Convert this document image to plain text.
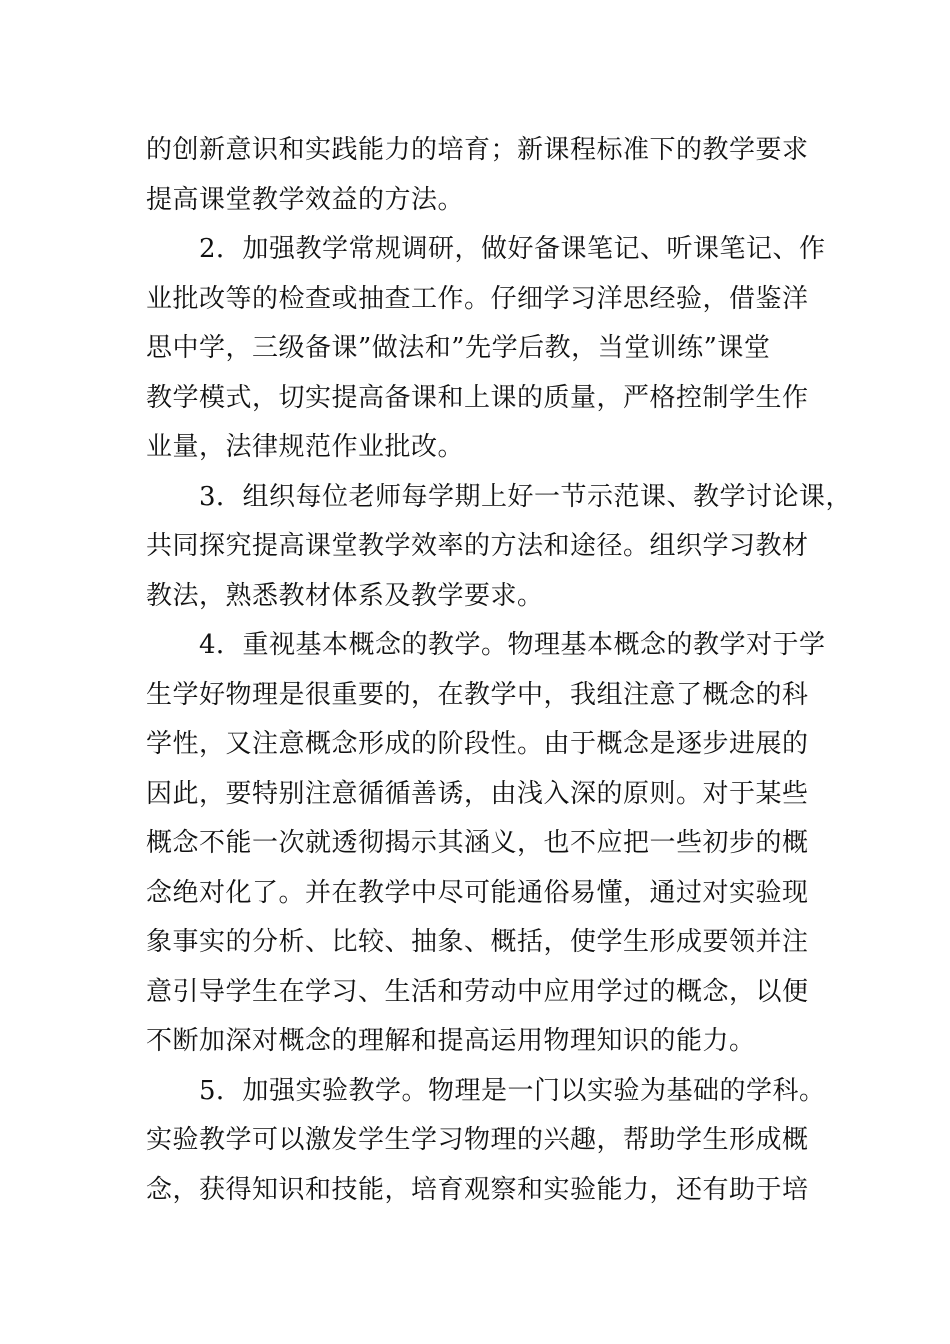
的创新意识和实践能力的培育；新课程标准下的教学要求
提高课堂教学效益的方法。
　　2．加强教学常规调研，做好备课笔记、听课笔记、作
业批改等的检查或抽查工作。仔细学习洋思经验，借鉴洋
思中学，三级备课”做法和”先学后教，当堂训练”课堂
教学模式，切实提高备课和上课的质量，严格控制学生作
业量，法律规范作业批改。
　　3．组织每位老师每学期上好一节示范课、教学讨论课，
共同探究提高课堂教学效率的方法和途径。组织学习教材
教法，熟悉教材体系及教学要求。
　　4．重视基本概念的教学。物理基本概念的教学对于学
生学好物理是很重要的，在教学中，我组注意了概念的科
学性，又注意概念形成的阶段性。由于概念是逐步进展的
因此，要特别注意循循善诱，由浅入深的原则。对于某些
概念不能一次就透彻揭示其涵义，也不应把一些初步的概
念绝对化了。并在教学中尽可能通俗易懂，通过对实验现
象事实的分析、比较、抽象、概括，使学生形成要领并注
意引导学生在学习、生活和劳动中应用学过的概念，以便
不断加深对概念的理解和提高运用物理知识的能力。
　　5．加强实验教学。物理是一门以实验为基础的学科。
实验教学可以激发学生学习物理的兴趣，帮助学生形成概
念，获得知识和技能，培育观察和实验能力，还有助于培
